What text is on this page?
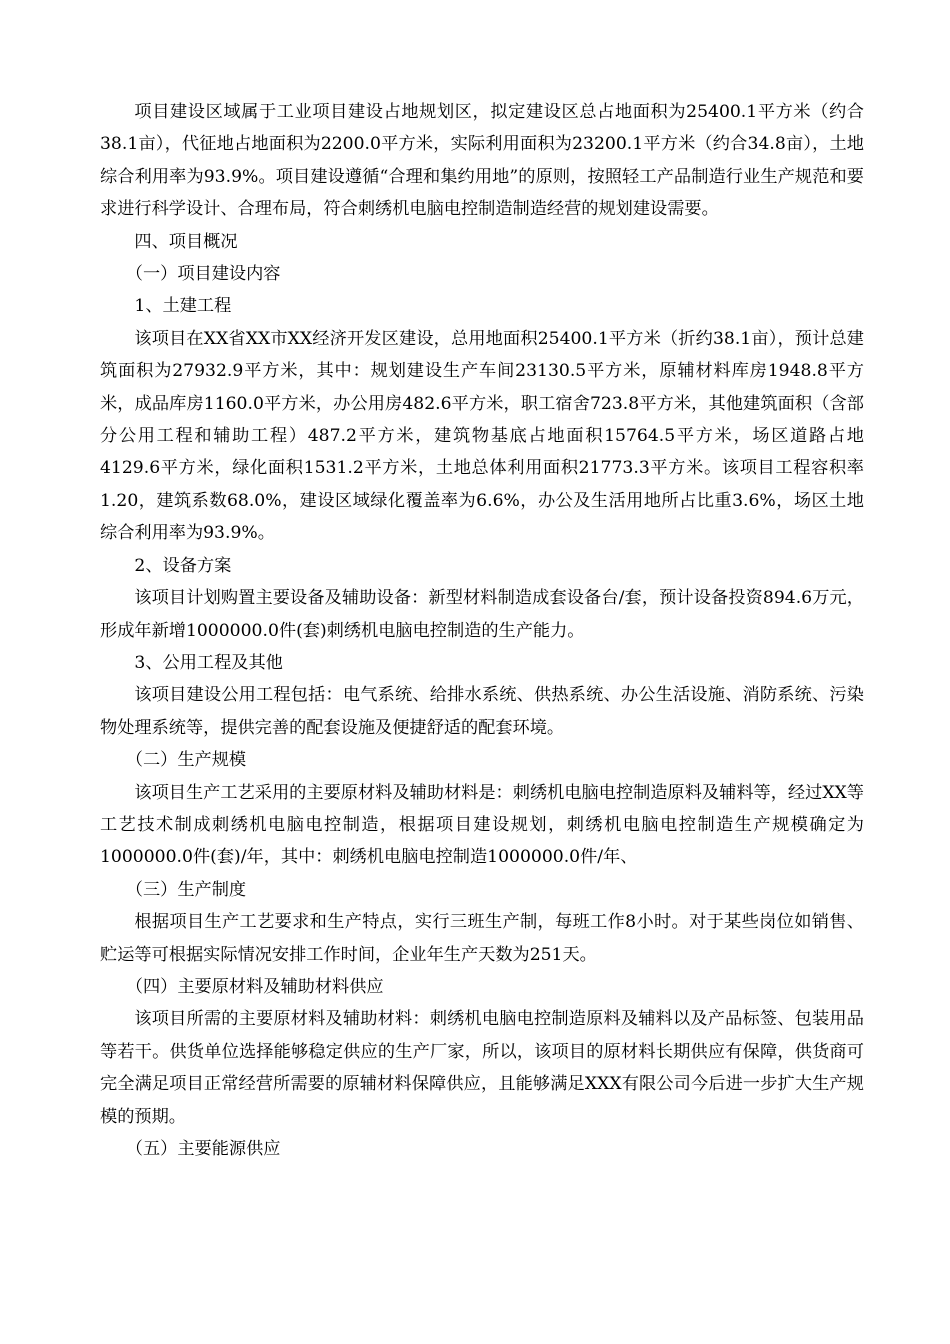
项目建设区域属于工业项目建设占地规划区，拟定建设区总占地面积为25400.1平方米（约合38.1亩），代征地占地面积为2200.0平方米，实际利用面积为23200.1平方米（约合34.8亩），土地综合利用率为93.9%。项目建设遵循“合理和集约用地”的原则，按照轻工产品制造行业生产规范和要求进行科学设计、合理布局，符合刺绣机电脑电控制造制造经营的规划建设需要。

四、项目概况

（一）项目建设内容

1、土建工程

该项目在XX省XX市XX经济开发区建设，总用地面积25400.1平方米（折约38.1亩），预计总建筑面积为27932.9平方米，其中：规划建设生产车间23130.5平方米，原辅材料库房1948.8平方米，成品库房1160.0平方米，办公用房482.6平方米，职工宿舍723.8平方米，其他建筑面积（含部分公用工程和辅助工程）487.2平方米，建筑物基底占地面积15764.5平方米，场区道路占地4129.6平方米，绿化面积1531.2平方米，土地总体利用面积21773.3平方米。该项目工程容积率1.20，建筑系数68.0%，建设区域绿化覆盖率为6.6%，办公及生活用地所占比重3.6%，场区土地综合利用率为93.9%。

2、设备方案

该项目计划购置主要设备及辅助设备：新型材料制造成套设备台/套，预计设备投资894.6万元，形成年新增1000000.0件(套)刺绣机电脑电控制造的生产能力。

3、公用工程及其他

该项目建设公用工程包括：电气系统、给排水系统、供热系统、办公生活设施、消防系统、污染物处理系统等，提供完善的配套设施及便捷舒适的配套环境。

（二）生产规模

该项目生产工艺采用的主要原材料及辅助材料是：刺绣机电脑电控制造原料及辅料等，经过XX等工艺技术制成刺绣机电脑电控制造，根据项目建设规划，刺绣机电脑电控制造生产规模确定为1000000.0件(套)/年，其中：刺绣机电脑电控制造1000000.0件/年、

（三）生产制度

根据项目生产工艺要求和生产特点，实行三班生产制，每班工作8小时。对于某些岗位如销售、贮运等可根据实际情况安排工作时间，企业年生产天数为251天。

（四）主要原材料及辅助材料供应

该项目所需的主要原材料及辅助材料：刺绣机电脑电控制造原料及辅料以及产品标签、包装用品等若干。供货单位选择能够稳定供应的生产厂家，所以，该项目的原材料长期供应有保障，供货商可完全满足项目正常经营所需要的原辅材料保障供应，且能够满足XXX有限公司今后进一步扩大生产规模的预期。

（五）主要能源供应
